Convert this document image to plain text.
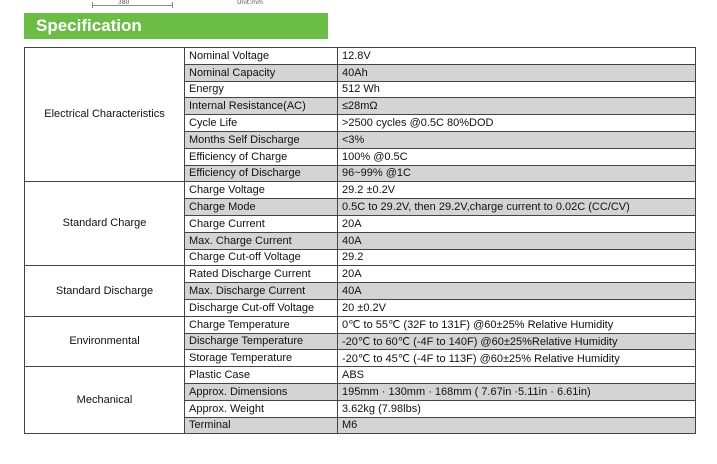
380	Unit:mm
Specification
Electrical Characteristics	Nominal Voltage	12.8V
	Nominal Capacity	40Ah
	Energy	512 Wh
	Internal Resistance(AC)	≤28mΩ
	Cycle Life	>2500 cycles @0.5C 80%DOD
	Months Self Discharge	<3%
	Efficiency of Charge	100% @0.5C
	Efficiency of Discharge	96~99% @1C
Standard Charge	Charge Voltage	29.2 ±0.2V
	Charge Mode	0.5C to 29.2V, then 29.2V,charge current to 0.02C (CC/CV)
	Charge Current	20A
	Max. Charge Current	40A
	Charge Cut-off Voltage	29.2
Standard Discharge	Rated Discharge Current	20A
	Max. Discharge Current	40A
	Discharge Cut-off Voltage	20 ±0.2V
Environmental	Charge Temperature	0℃ to 55℃ (32F to 131F) @60±25% Relative Humidity
	Discharge Temperature	-20℃ to 60℃ (-4F to 140F) @60±25%Relative Humidity
	Storage Temperature	-20℃ to 45℃ (-4F to 113F) @60±25% Relative Humidity
Mechanical	Plastic Case	ABS
	Approx. Dimensions	195mm · 130mm · 168mm ( 7.67in ·5.11in · 6.61in)
	Approx. Weight	3.62kg (7.98lbs)
	Terminal	M6
